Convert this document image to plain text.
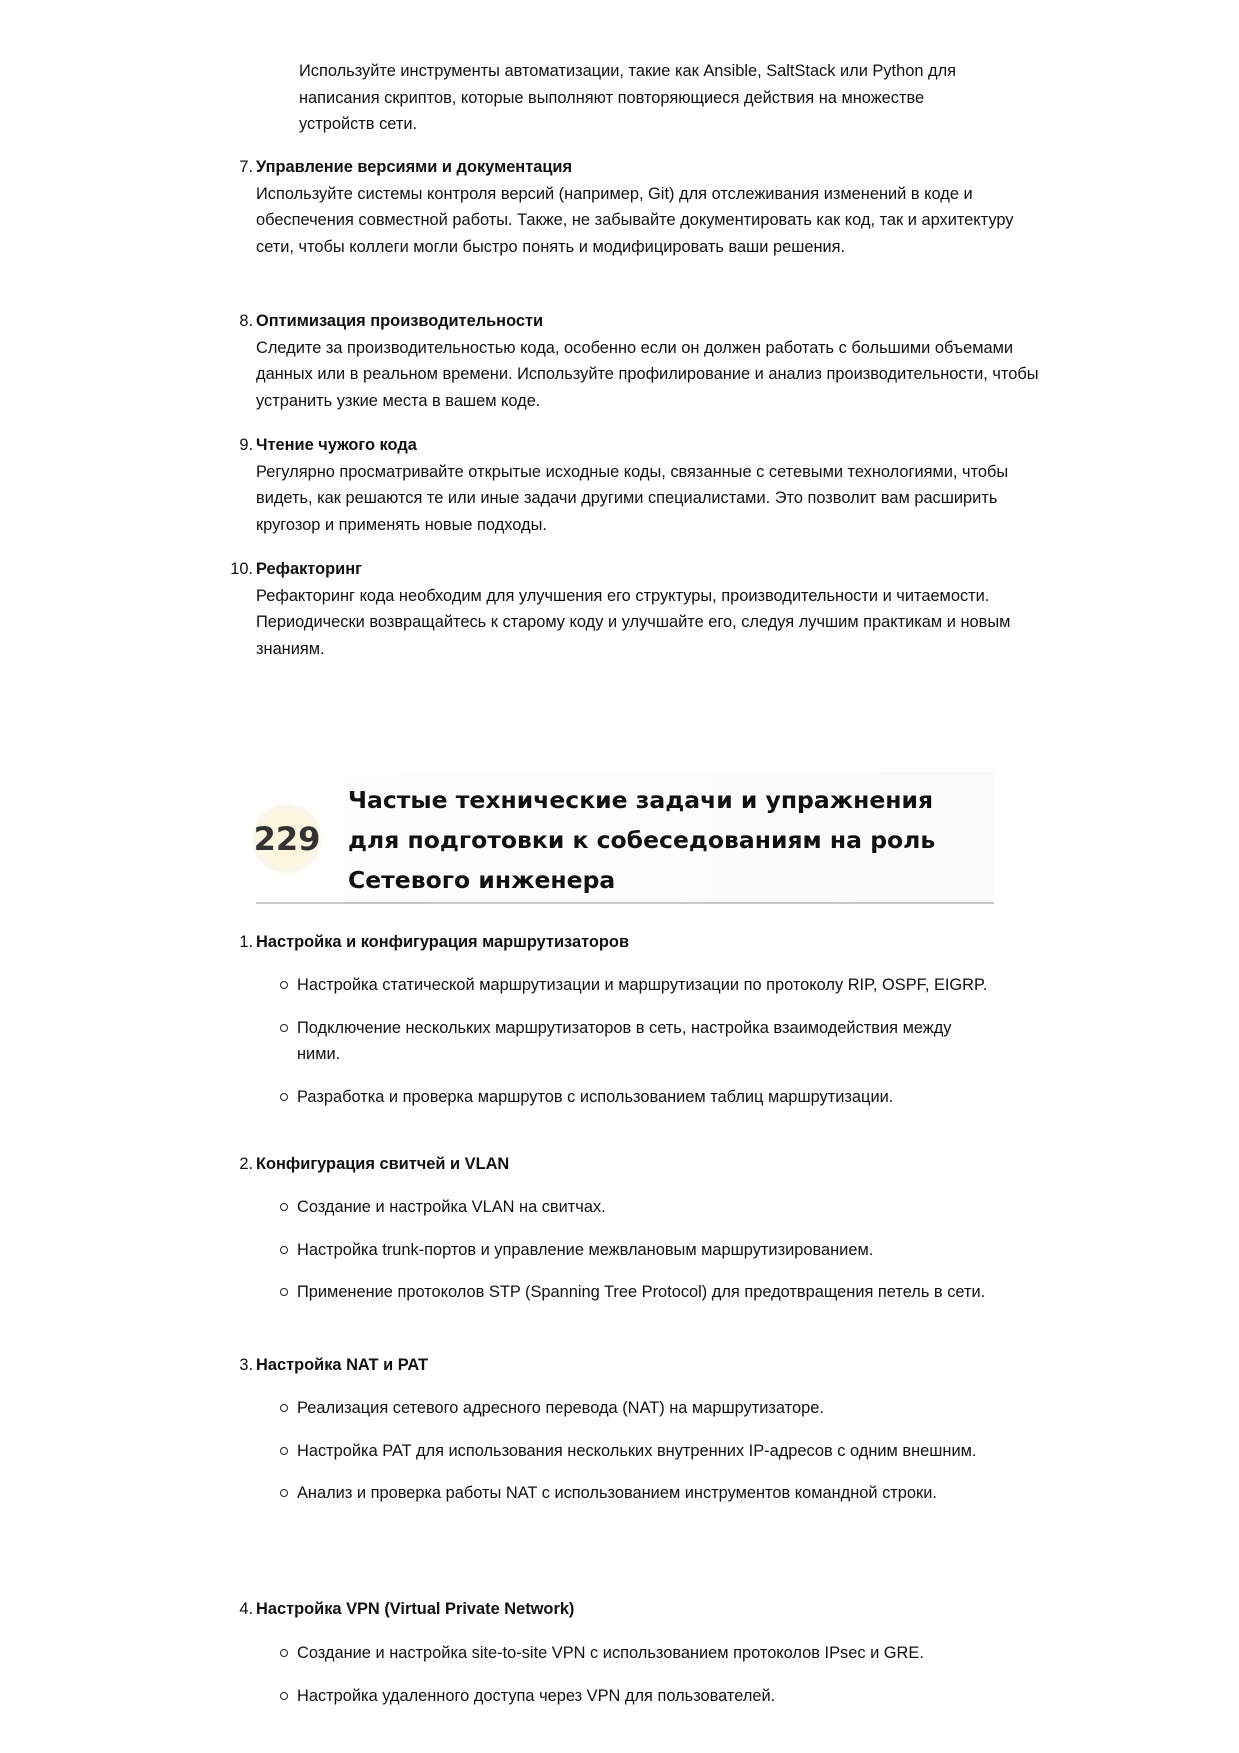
Используйте инструменты автоматизации, такие как Ansible, SaltStack или Python для написания скриптов, которые выполняют повторяющиеся действия на множестве устройств сети.
7. Управление версиями и документация
Используйте системы контроля версий (например, Git) для отслеживания изменений в коде и обеспечения совместной работы. Также, не забывайте документировать как код, так и архитектуру сети, чтобы коллеги могли быстро понять и модифицировать ваши решения.
8. Оптимизация производительности
Следите за производительностью кода, особенно если он должен работать с большими объемами данных или в реальном времени. Используйте профилирование и анализ производительности, чтобы устранить узкие места в вашем коде.
9. Чтение чужого кода
Регулярно просматривайте открытые исходные коды, связанные с сетевыми технологиями, чтобы видеть, как решаются те или иные задачи другими специалистами. Это позволит вам расширить кругозор и применять новые подходы.
10. Рефакторинг
Рефакторинг кода необходим для улучшения его структуры, производительности и читаемости. Периодически возвращайтесь к старому коду и улучшайте его, следуя лучшим практикам и новым знаниям.
229
Частые технические задачи и упражнения для подготовки к собеседованиям на роль Сетевого инженера
1. Настройка и конфигурация маршрутизаторов
Настройка статической маршрутизации и маршрутизации по протоколу RIP, OSPF, EIGRP.
Подключение нескольких маршрутизаторов в сеть, настройка взаимодействия между ними.
Разработка и проверка маршрутов с использованием таблиц маршрутизации.
2. Конфигурация свитчей и VLAN
Создание и настройка VLAN на свитчах.
Настройка trunk-портов и управление межвлановым маршрутизированием.
Применение протоколов STP (Spanning Tree Protocol) для предотвращения петель в сети.
3. Настройка NAT и PAT
Реализация сетевого адресного перевода (NAT) на маршрутизаторе.
Настройка PAT для использования нескольких внутренних IP-адресов с одним внешним.
Анализ и проверка работы NAT с использованием инструментов командной строки.
4. Настройка VPN (Virtual Private Network)
Создание и настройка site-to-site VPN с использованием протоколов IPsec и GRE.
Настройка удаленного доступа через VPN для пользователей.
